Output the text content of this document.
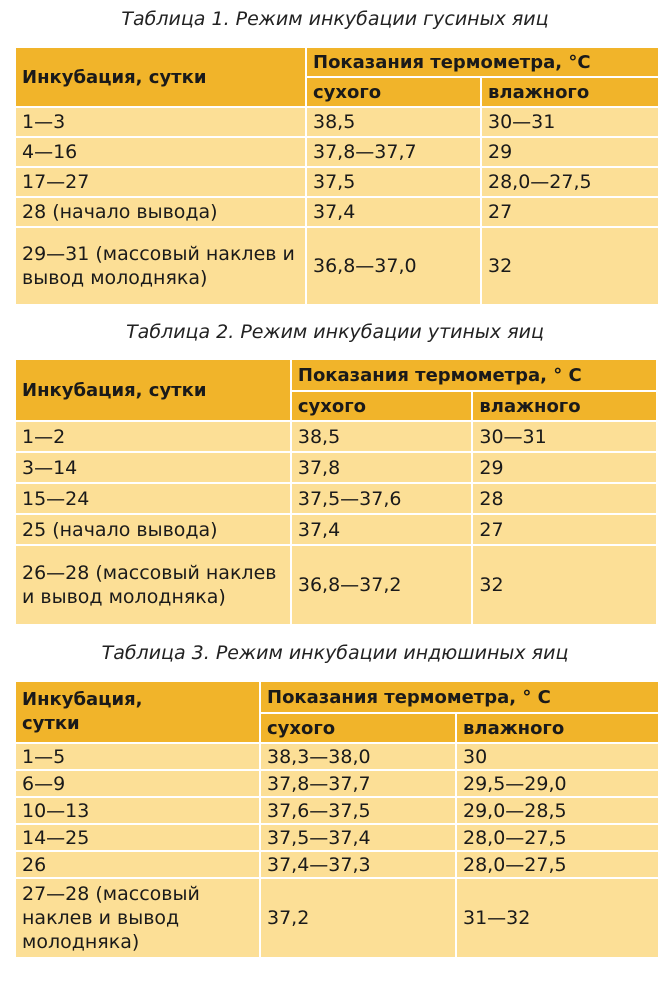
Таблица 1. Режим инкубации гусиных яиц
Инкубация, сутки	Показания термометра, °C	
	сухого	влажного
1—3	38,5	30—31
4—16	37,8—37,7	29
17—27	37,5	28,0—27,5
28 (начало вывода)	37,4	27
29—31 (массовый наклев и вывод молодняка)	36,8—37,0	32
Таблица 2. Режим инкубации утиных яиц
Инкубация, сутки	Показания термометра, ° С	
	сухого	влажного
1—2	38,5	30—31
3—14	37,8	29
15—24	37,5—37,6	28
25 (начало вывода)	37,4	27
26—28 (массовый наклев и вывод молодняка)	36,8—37,2	32
Таблица 3. Режим инкубации индюшиных яиц
Инкубация, сутки	Показания термометра, ° С	
	сухого	влажного
1—5	38,3—38,0	30
6—9	37,8—37,7	29,5—29,0
10—13	37,6—37,5	29,0—28,5
14—25	37,5—37,4	28,0—27,5
26	37,4—37,3	28,0—27,5
27—28 (массовый наклев и вывод молодняка)	37,2	31—32
